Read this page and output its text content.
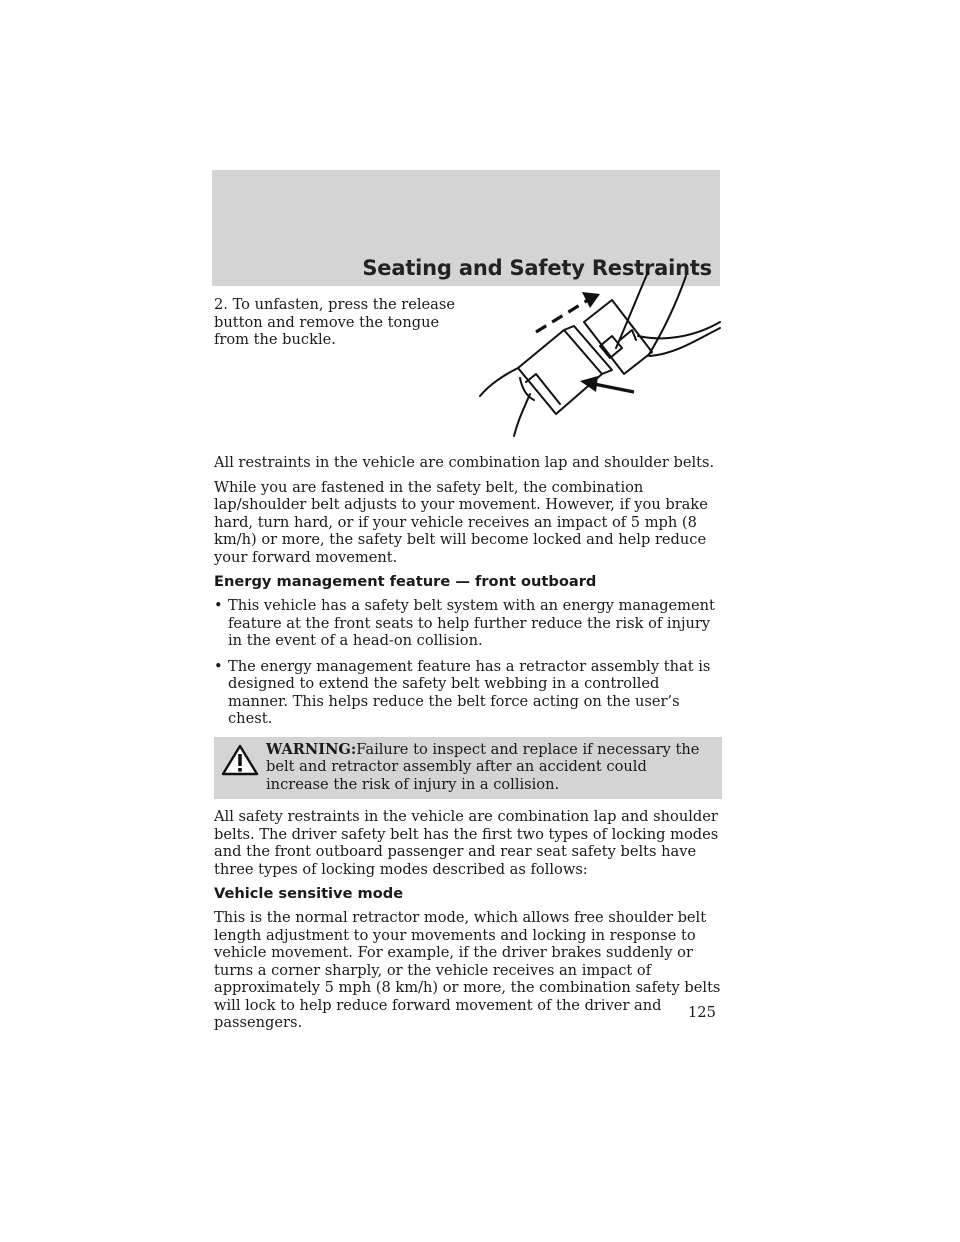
Seating and Safety Restraints

2. To unfasten, press the release button and remove the tongue from the buckle.

All restraints in the vehicle are combination lap and shoulder belts.

While you are fastened in the safety belt, the combination lap/shoulder belt adjusts to your movement. However, if you brake hard, turn hard, or if your vehicle receives an impact of 5 mph (8 km/h) or more, the safety belt will become locked and help reduce your forward movement.

Energy management feature — front outboard
• This vehicle has a safety belt system with an energy management feature at the front seats to help further reduce the risk of injury in the event of a head-on collision.
• The energy management feature has a retractor assembly that is designed to extend the safety belt webbing in a controlled manner. This helps reduce the belt force acting on the user’s chest.

WARNING:Failure to inspect and replace if necessary the belt and retractor assembly after an accident could increase the risk of injury in a collision.

All safety restraints in the vehicle are combination lap and shoulder belts. The driver safety belt has the first two types of locking modes and the front outboard passenger and rear seat safety belts have three types of locking modes described as follows:

Vehicle sensitive mode

This is the normal retractor mode, which allows free shoulder belt length adjustment to your movements and locking in response to vehicle movement. For example, if the driver brakes suddenly or turns a corner sharply, or the vehicle receives an impact of approximately 5 mph (8 km/h) or more, the combination safety belts will lock to help reduce forward movement of the driver and passengers.

125
